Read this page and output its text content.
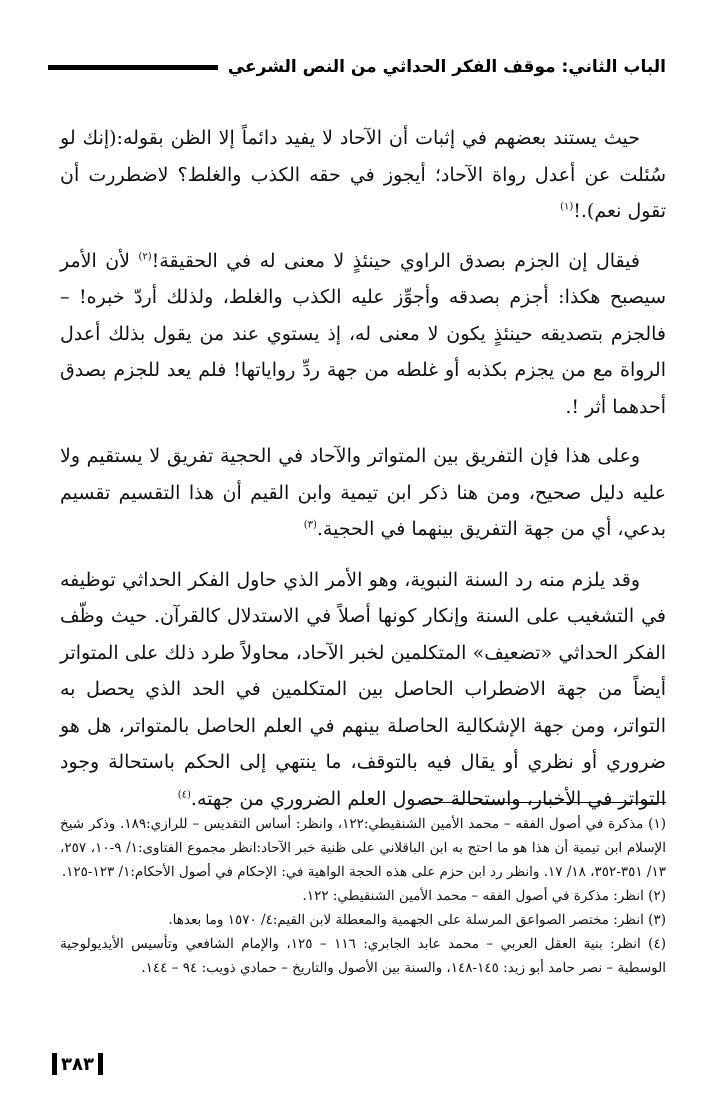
الباب الثاني: موقف الفكر الحداثي من النص الشرعي

حيث يستند بعضهم في إثبات أن الآحاد لا يفيد دائماً إلا الظن بقوله:(إنك لو سُئلت عن أعدل رواة الآحاد؛ أيجوز في حقه الكذب والغلط؟ لاضطررت أن تقول نعم).!$^{(١)}$

فيقال إن الجزم بصدق الراوي حينئذٍ لا معنى له في الحقيقة!$^{(٢)}$ لأن الأمر سيصبح هكذا: أجزم بصدقه وأجوِّز عليه الكذب والغلط، ولذلك أردّ خبره! – فالجزم بتصديقه حينئذٍ يكون لا معنى له، إذ يستوي عند من يقول بذلك أعدل الرواة مع من يجزم بكذبه أو غلطه من جهة ردِّ رواياتها! فلم يعد للجزم بصدق أحدهما أثر !.

وعلى هذا فإن التفريق بين المتواتر والآحاد في الحجية تفريق لا يستقيم ولا عليه دليل صحيح، ومن هنا ذكر ابن تيمية وابن القيم أن هذا التقسيم تقسيم بدعي، أي من جهة التفريق بينهما في الحجية.$^{(٣)}$

وقد يلزم منه رد السنة النبوية، وهو الأمر الذي حاول الفكر الحداثي توظيفه في التشغيب على السنة وإنكار كونها أصلاً في الاستدلال كالقرآن. حيث وظّف الفكر الحداثي «تضعيف» المتكلمين لخبر الآحاد، محاولاً طرد ذلك على المتواتر أيضاً من جهة الاضطراب الحاصل بين المتكلمين في الحد الذي يحصل به التواتر، ومن جهة الإشكالية الحاصلة بينهم في العلم الحاصل بالمتواتر، هل هو ضروري أو نظري أو يقال فيه بالتوقف، ما ينتهي إلى الحكم باستحالة وجود التواتر في الأخبار، واستحالة حصول العلم الضروري من جهته.$^{(٤)}$

(١) مذكرة في أصول الفقه – محمد الأمين الشنقيطي:١٢٢، وانظر: أساس التقديس – للرازي:١٨٩. وذكر شيخ الإسلام ابن تيمية أن هذا هو ما احتج به ابن الباقلاني على ظنية خبر الآحاد:انظر مجموع الفتاوى:١/ ٩-١٠، ٢٥٧، ١٣/ ٣٥١-٣٥٢، ١٨/ ١٧. وانظر رد ابن حزم على هذه الحجة الواهية في: الإحكام في أصول الأحكام:١/ ١٢٣-١٢٥.

(٢) انظر: مذكرة في أصول الفقه – محمد الأمين الشنقيطي: ١٢٢.

(٣) انظر: مختصر الصواعق المرسلة على الجهمية والمعطلة لابن القيم:٤/ ١٥٧٠ وما بعدها.

(٤) انظر: بنية العقل العربي – محمد عابد الجابري: ١١٦ – ١٢٥، والإمام الشافعي وتأسيس الأيديولوجية الوسطية – نصر حامد أبو زيد: ١٤٥-١٤٨، والسنة بين الأصول والتاريخ – حمادي ذويب: ٩٤ – ١٤٤.

٣٨٣
